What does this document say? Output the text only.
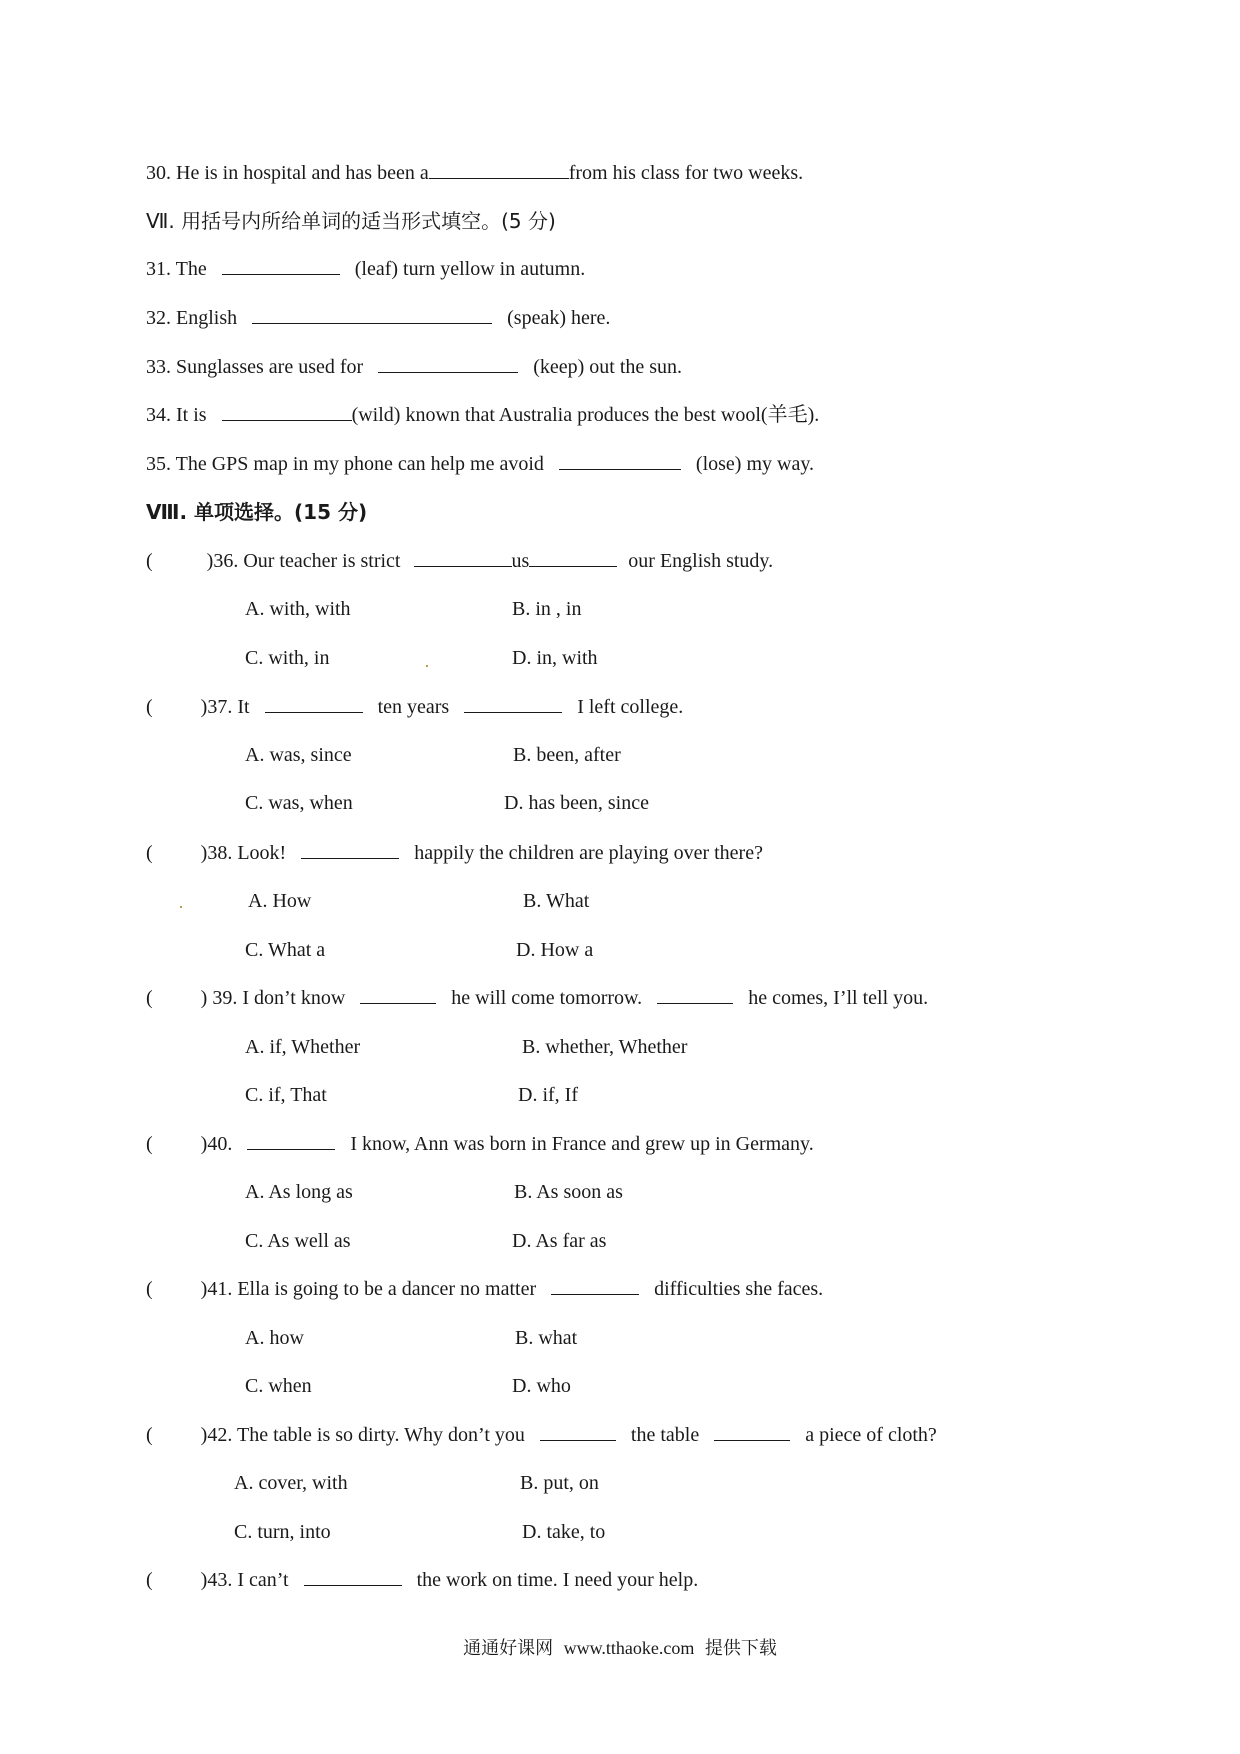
30. He is in hospital and has been a	from his class for two weeks.
Ⅶ. 用括号内所给单词的适当形式填空。(5 分)
31. The	(leaf) turn yellow in autumn.
32. English	(speak) here.
33. Sunglasses are used for	(keep) out the sun.
34. It is	(wild) known that Australia produces the best wool(羊毛).
35. The GPS map in my phone can help me avoid	(lose) my way.
Ⅷ. 单项选择。(15 分)
(	)36. Our teacher is strict	us	our English study.
A. with, with	B. in , in
C. with, in	D. in, with
( )37. It	ten years	I left college.
A. was, since	B. been, after
C. was, when	D. has been, since
( )38. Look!	happily the children are playing over there?
A. How	B. What
C. What a	D. How a
( ) 39. I don’t know	he will come tomorrow.	he comes, I’ll tell you.
A. if, Whether	B. whether, Whether
C. if, That	D. if, If
( )40.	I know, Ann was born in France and grew up in Germany.
A. As long as	B. As soon as
C. As well as	D. As far as
( )41. Ella is going to be a dancer no matter	difficulties she faces.
A. how	B. what
C. when	D. who
( )42. The table is so dirty. Why don’t you	the table	a piece of cloth?
A. cover, with	B. put, on
C. turn, into	D. take, to
( )43. I can’t	the work on time. I need your help.
通通好课网 www.tthaoke.com 提供下载
